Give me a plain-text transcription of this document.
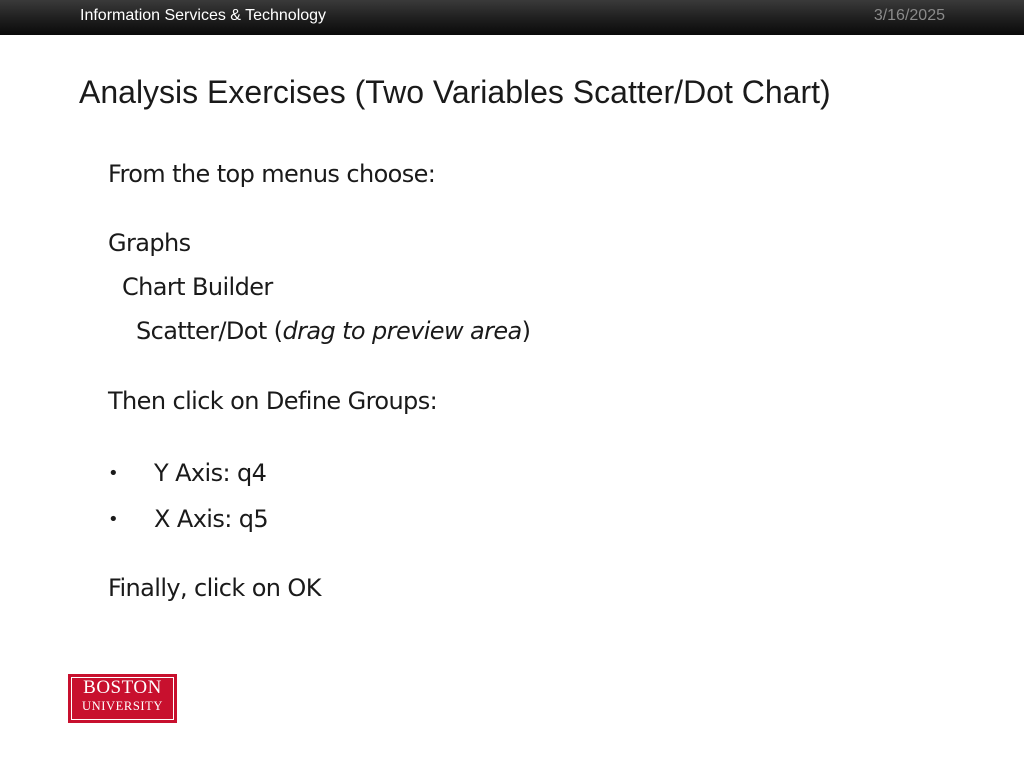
Information Services & Technology	3/16/2025
Analysis Exercises (Two Variables Scatter/Dot Chart)
From the top menus choose:
Graphs
Chart Builder
Scatter/Dot (drag to preview area)
Then click on Define Groups:
• Y Axis: q4
• X Axis: q5
Finally, click on OK
BOSTON
UNIVERSITY
